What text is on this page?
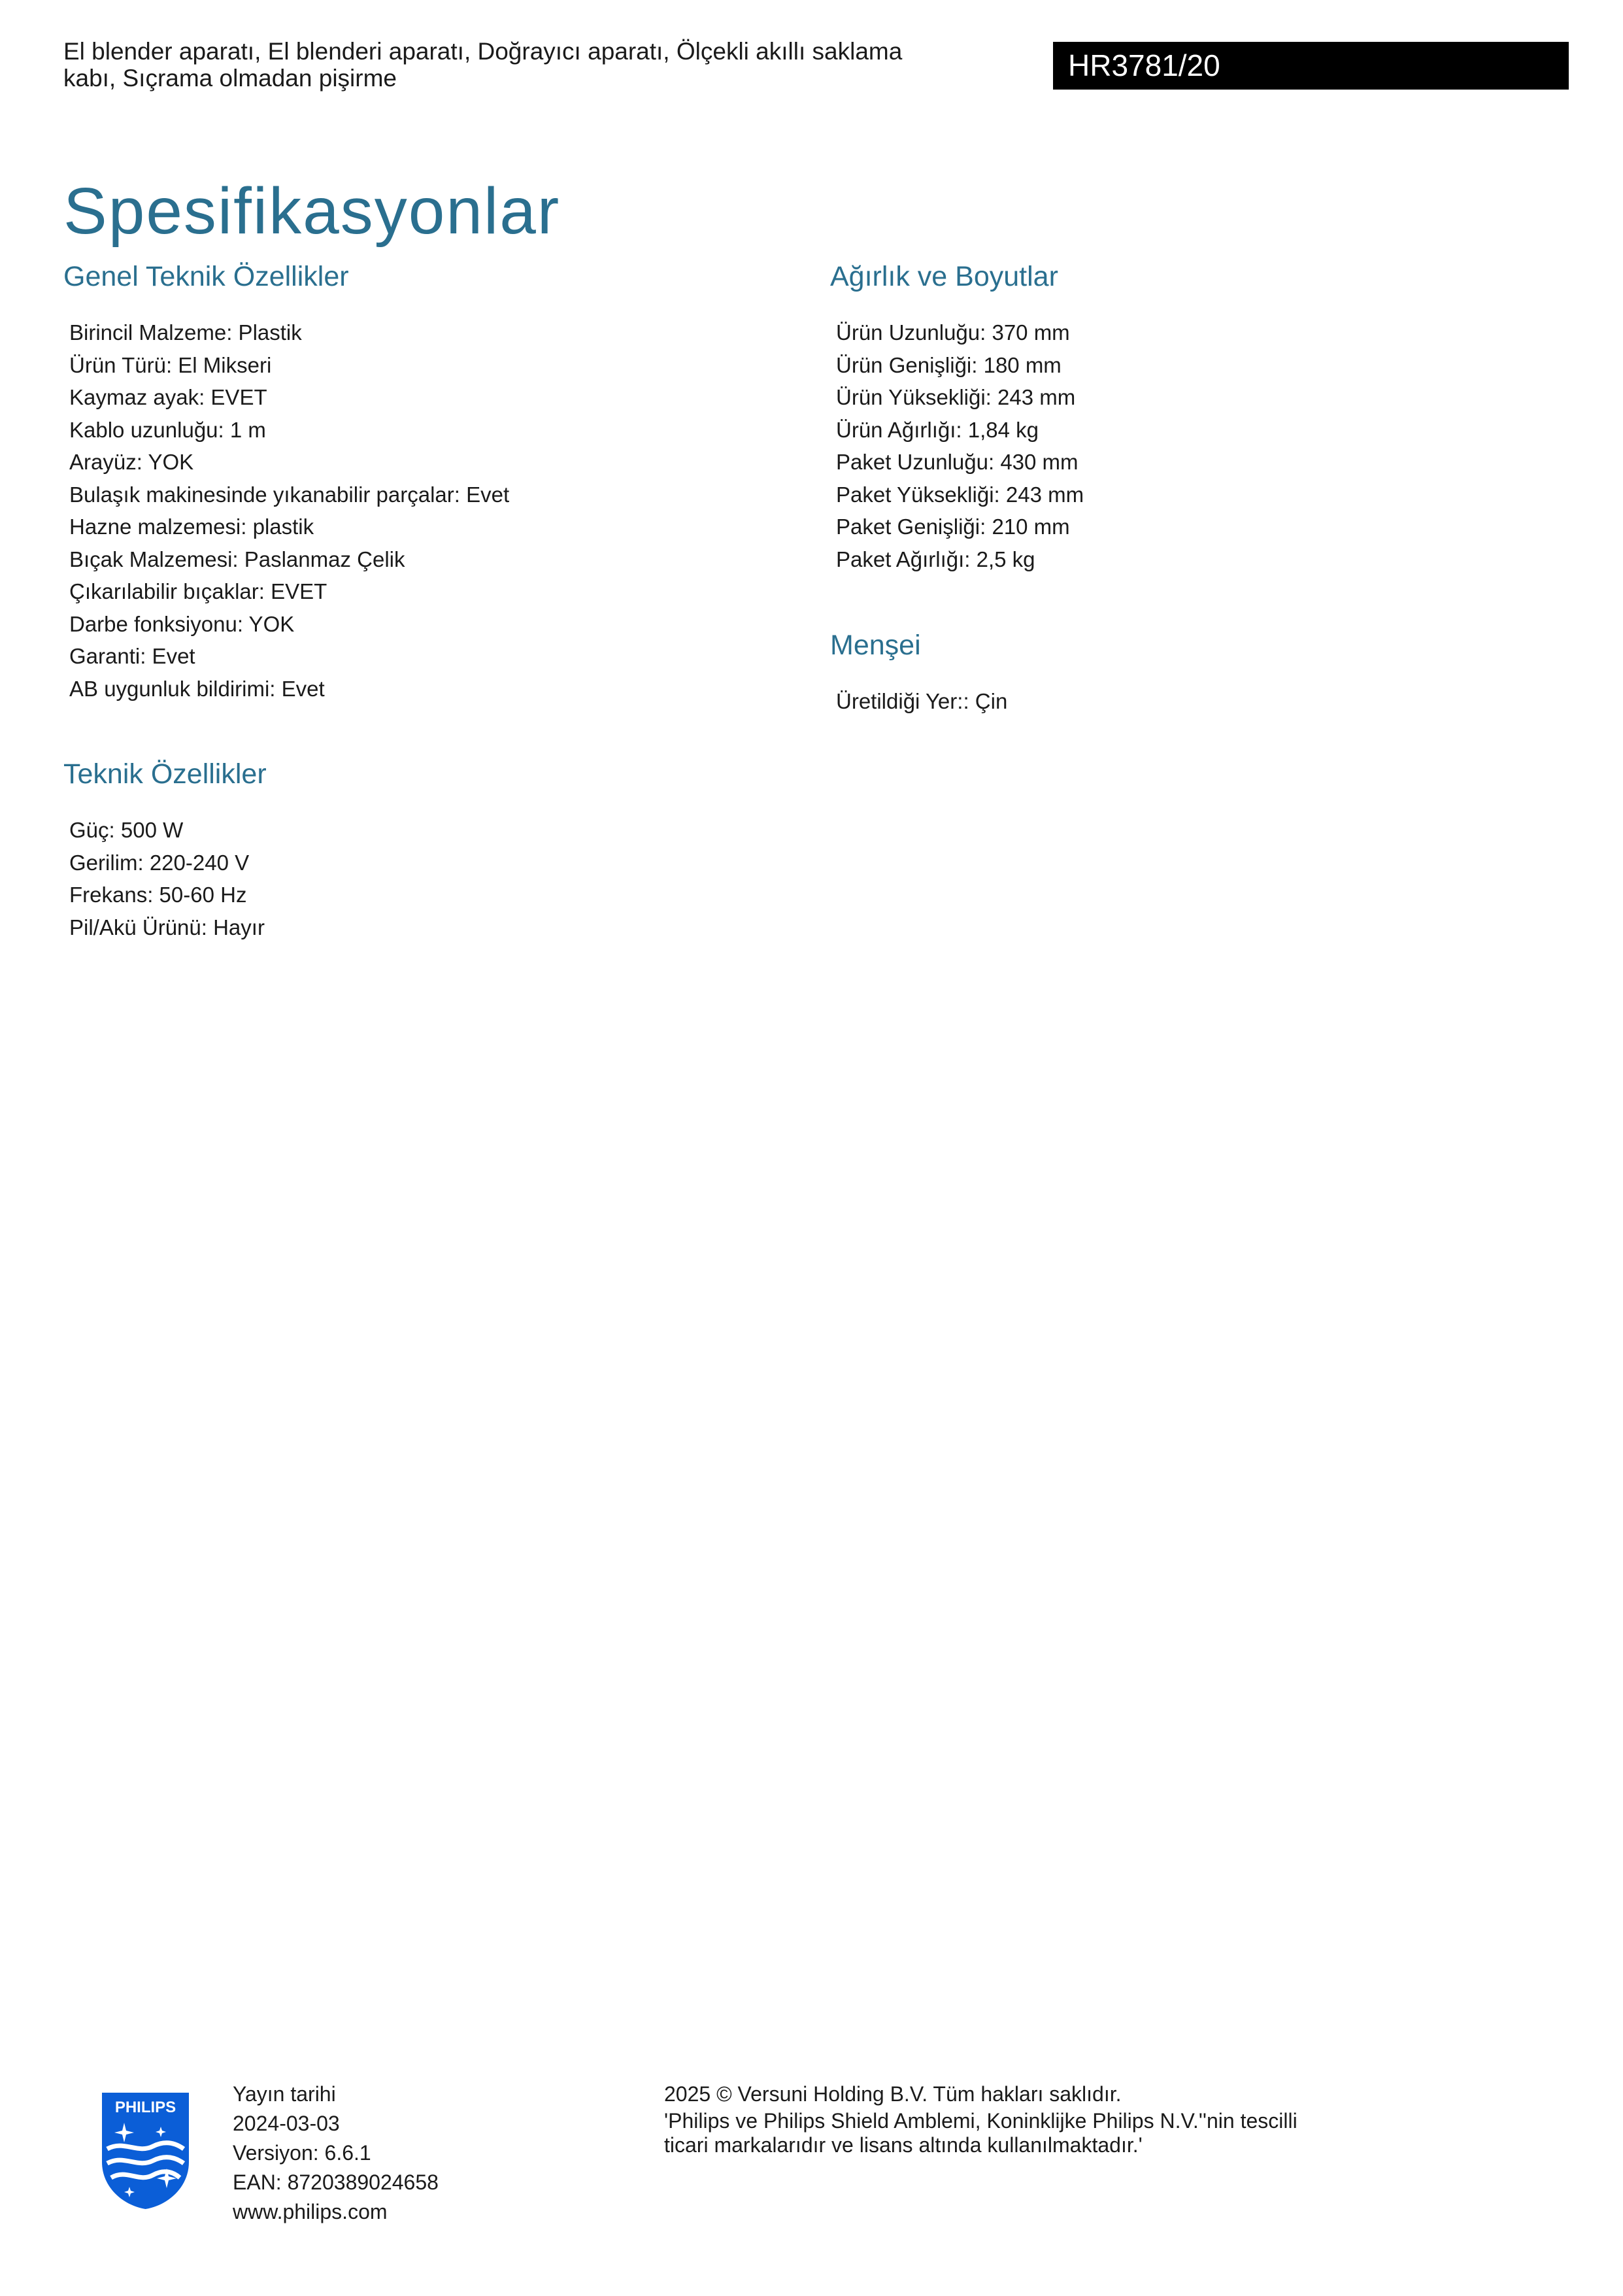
El blender aparatı, El blenderi aparatı, Doğrayıcı aparatı, Ölçekli akıllı saklama
kabı, Sıçrama olmadan pişirme	HR3781/20
Spesifikasyonlar
Genel Teknik Özellikler
Birincil Malzeme: Plastik
Ürün Türü: El Mikseri
Kaymaz ayak: EVET
Kablo uzunluğu: 1 m
Arayüz: YOK
Bulaşık makinesinde yıkanabilir parçalar: Evet
Hazne malzemesi: plastik
Bıçak Malzemesi: Paslanmaz Çelik
Çıkarılabilir bıçaklar: EVET
Darbe fonksiyonu: YOK
Garanti: Evet
AB uygunluk bildirimi: Evet
Teknik Özellikler
Güç: 500 W
Gerilim: 220-240 V
Frekans: 50-60 Hz
Pil/Akü Ürünü: Hayır
Ağırlık ve Boyutlar
Ürün Uzunluğu: 370 mm
Ürün Genişliği: 180 mm
Ürün Yüksekliği: 243 mm
Ürün Ağırlığı: 1,84 kg
Paket Uzunluğu: 430 mm
Paket Yüksekliği: 243 mm
Paket Genişliği: 210 mm
Paket Ağırlığı: 2,5 kg
Menşei
Üretildiği Yer:: Çin
PHILIPS
Yayın tarihi
2024-03-03
Versiyon: 6.6.1
EAN: 8720389024658
www.philips.com
2025 © Versuni Holding B.V. Tüm hakları saklıdır.
'Philips ve Philips Shield Amblemi, Koninklijke Philips N.V.''nin tescilli
ticari markalarıdır ve lisans altında kullanılmaktadır.'
